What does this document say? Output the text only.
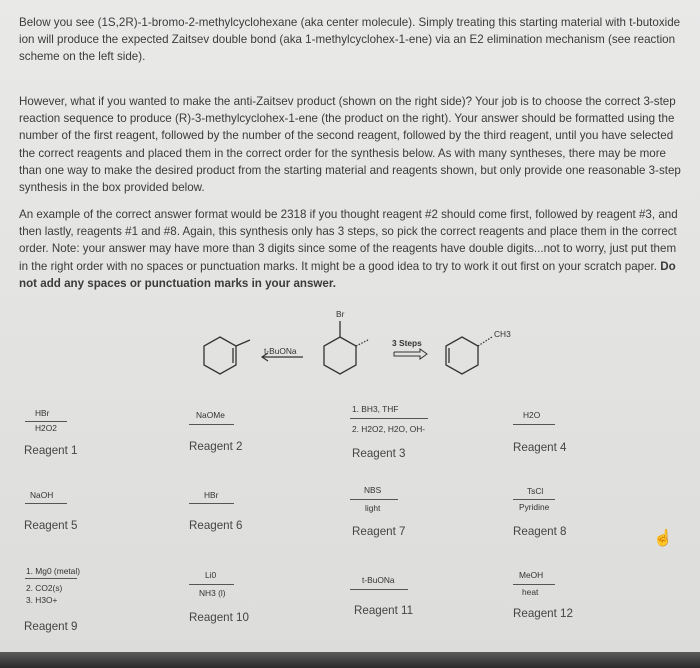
Below you see (1S,2R)-1-bromo-2-methylcyclohexane (aka center molecule). Simply treating this starting material with t-butoxide ion will produce the expected Zaitsev double bond (aka 1-methylcyclohex-1-ene) via an E2 elimination mechanism (see reaction scheme on the left side).
However, what if you wanted to make the anti-Zaitsev product (shown on the right side)? Your job is to choose the correct 3-step reaction sequence to produce (R)-3-methylcyclohex-1-ene (the product on the right). Your answer should be formatted using the number of the first reagent, followed by the number of the second reagent, followed by the third reagent, until you have selected the correct reagents and placed them in the correct order for the synthesis below. As with many syntheses, there may be more than one way to make the desired product from the starting material and reagents shown, but only provide one reasonable 3-step synthesis in the box provided below.
An example of the correct answer format would be 2318 if you thought reagent #2 should come first, followed by reagent #3, and then lastly, reagents #1 and #8. Again, this synthesis only has 3 steps, so pick the correct reagents and place them in the correct order. Note: your answer may have more than 3 digits since some of the reagents have double digits...not to worry, just put them in the right order with no spaces or punctuation marks. It might be a good idea to try to work it out first on your scratch paper. Do not add any spaces or punctuation marks in your answer.
t-BuONa
3 Steps
Br
CH3
HBr
H2O2
Reagent 1
NaOMe
Reagent 2
1. BH3, THF
2. H2O2, H2O, OH-
Reagent 3
H2O
Reagent 4
NaOH
Reagent 5
HBr
Reagent 6
NBS
light
Reagent 7
TsCl
Pyridine
Reagent 8
1. Mg0 (metal)
2. CO2(s)
3. H3O+
Reagent 9
Li0
NH3 (l)
Reagent 10
t-BuONa
Reagent 11
MeOH
heat
Reagent 12
☝
